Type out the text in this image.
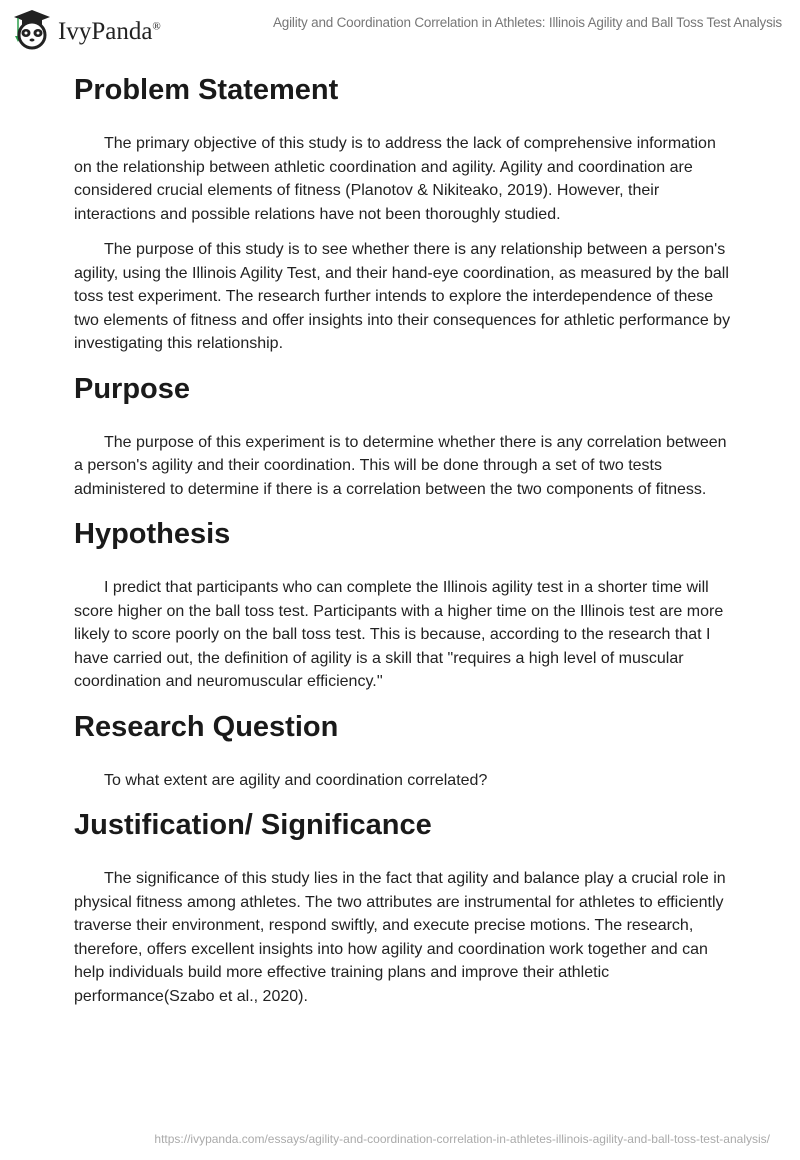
IvyPanda®	Agility and Coordination Correlation in Athletes: Illinois Agility and Ball Toss Test Analysis
Problem Statement

The primary objective of this study is to address the lack of comprehensive information on the relationship between athletic coordination and agility. Agility and coordination are considered crucial elements of fitness (Planotov & Nikiteako, 2019). However, their interactions and possible relations have not been thoroughly studied.

The purpose of this study is to see whether there is any relationship between a person's agility, using the Illinois Agility Test, and their hand-eye coordination, as measured by the ball toss test experiment. The research further intends to explore the interdependence of these two elements of fitness and offer insights into their consequences for athletic performance by investigating this relationship.

Purpose

The purpose of this experiment is to determine whether there is any correlation between a person's agility and their coordination. This will be done through a set of two tests administered to determine if there is a correlation between the two components of fitness.

Hypothesis

I predict that participants who can complete the Illinois agility test in a shorter time will score higher on the ball toss test. Participants with a higher time on the Illinois test are more likely to score poorly on the ball toss test. This is because, according to the research that I have carried out, the definition of agility is a skill that "requires a high level of muscular coordination and neuromuscular efficiency.''

Research Question

To what extent are agility and coordination correlated?

Justification/ Significance

The significance of this study lies in the fact that agility and balance play a crucial role in physical fitness among athletes. The two attributes are instrumental for athletes to efficiently traverse their environment, respond swiftly, and execute precise motions. The research, therefore, offers excellent insights into how agility and coordination work together and can help individuals build more effective training plans and improve their athletic performance(Szabo et al., 2020).

https://ivypanda.com/essays/agility-and-coordination-correlation-in-athletes-illinois-agility-and-ball-toss-test-analysis/
